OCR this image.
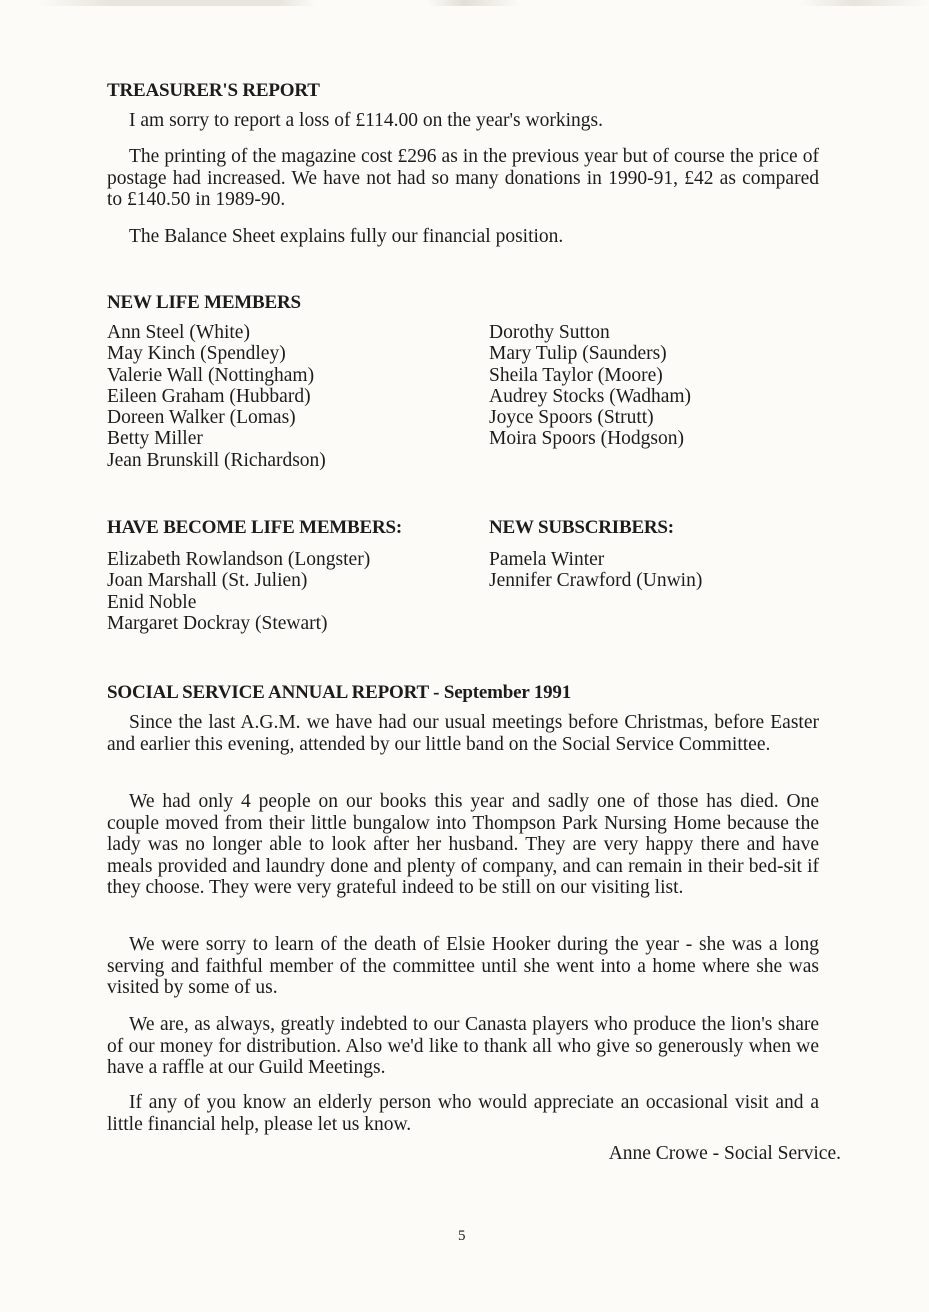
TREASURER'S REPORT
I am sorry to report a loss of £114.00 on the year's workings.
The printing of the magazine cost £296 as in the previous year but of course the price of postage had increased. We have not had so many donations in 1990-91, £42 as compared to £140.50 in 1989-90.
The Balance Sheet explains fully our financial position.
NEW LIFE MEMBERS
Ann Steel (White)
May Kinch (Spendley)
Valerie Wall (Nottingham)
Eileen Graham (Hubbard)
Doreen Walker (Lomas)
Betty Miller
Jean Brunskill (Richardson)
Dorothy Sutton
Mary Tulip (Saunders)
Sheila Taylor (Moore)
Audrey Stocks (Wadham)
Joyce Spoors (Strutt)
Moira Spoors (Hodgson)
HAVE BECOME LIFE MEMBERS:	NEW SUBSCRIBERS:
Elizabeth Rowlandson (Longster)
Joan Marshall (St. Julien)
Enid Noble
Margaret Dockray (Stewart)
Pamela Winter
Jennifer Crawford (Unwin)
SOCIAL SERVICE ANNUAL REPORT - September 1991
Since the last A.G.M. we have had our usual meetings before Christmas, before Easter and earlier this evening, attended by our little band on the Social Service Committee.
We had only 4 people on our books this year and sadly one of those has died. One couple moved from their little bungalow into Thompson Park Nursing Home because the lady was no longer able to look after her husband. They are very happy there and have meals provided and laundry done and plenty of company, and can remain in their bed-sit if they choose. They were very grateful indeed to be still on our visiting list.
We were sorry to learn of the death of Elsie Hooker during the year - she was a long serving and faithful member of the committee until she went into a home where she was visited by some of us.
We are, as always, greatly indebted to our Canasta players who produce the lion's share of our money for distribution. Also we'd like to thank all who give so generously when we have a raffle at our Guild Meetings.
If any of you know an elderly person who would appreciate an occasional visit and a little financial help, please let us know.
Anne Crowe - Social Service.
5
